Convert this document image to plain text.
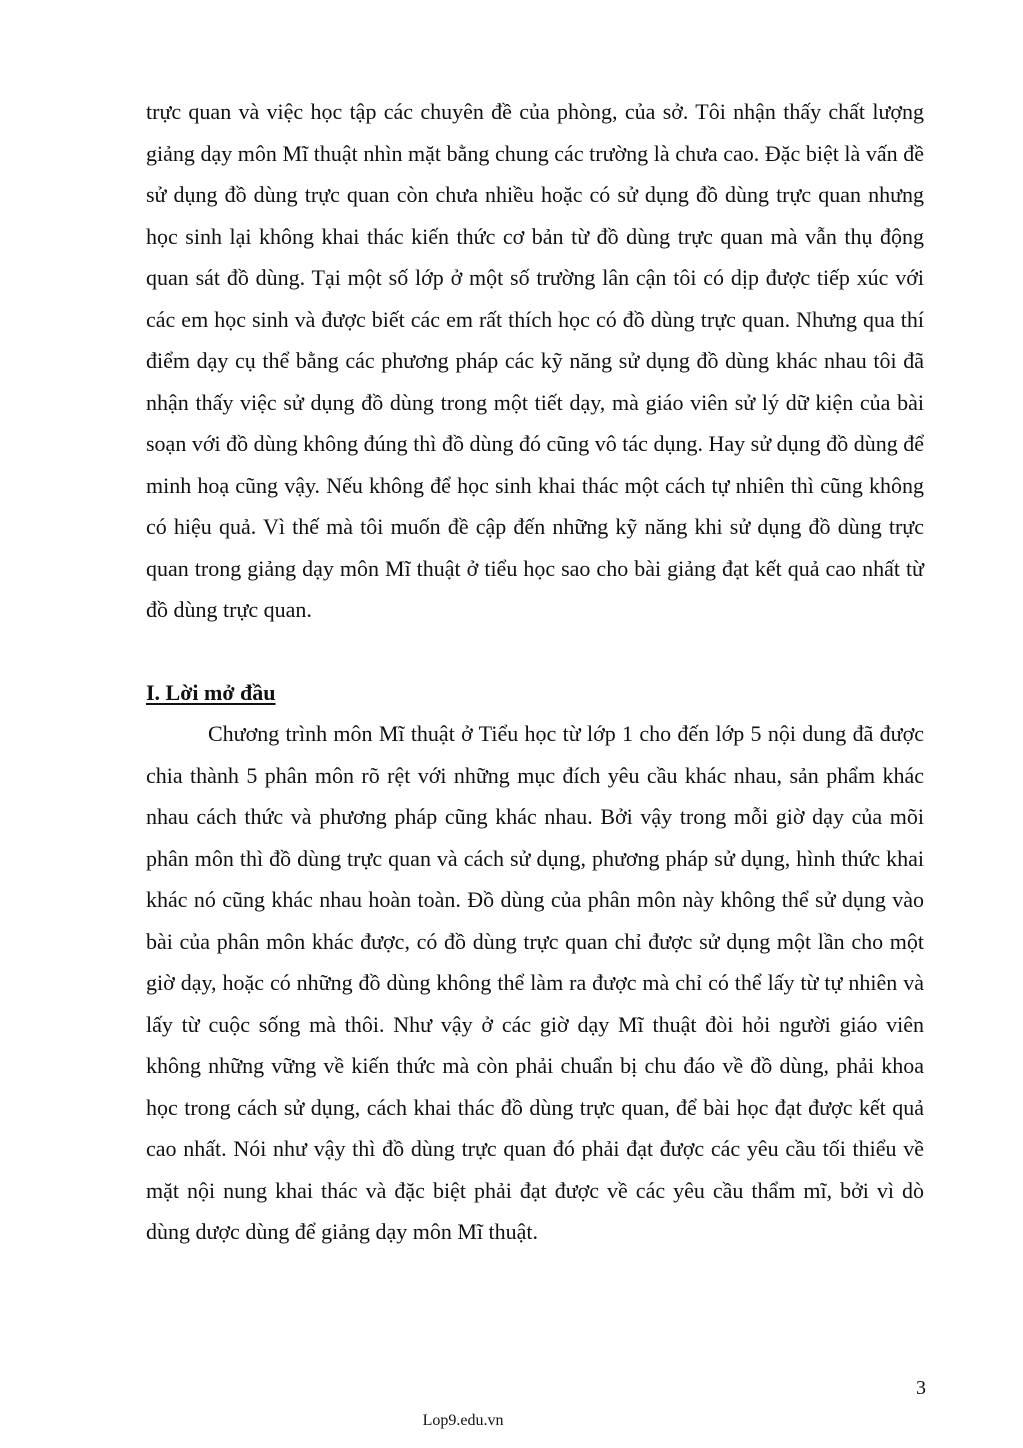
trực quan và việc học tập các chuyên đề của phòng, của sở. Tôi nhận thấy chất lượng giảng dạy môn Mĩ thuật nhìn mặt bằng chung các trường là chưa cao. Đặc biệt là vấn đề sử dụng đồ dùng trực quan còn chưa nhiều hoặc có sử dụng đồ dùng trực quan nhưng học sinh lại không khai thác kiến thức cơ bản từ đồ dùng trực quan mà vẫn thụ động quan sát đồ dùng. Tại một số lớp ở một số trường lân cận tôi có dịp được tiếp xúc với các em học sinh và được biết các em rất thích học có đồ dùng trực quan. Nhưng qua thí điểm dạy cụ thể bằng các phương pháp các kỹ năng sử dụng đồ dùng khác nhau tôi đã nhận thấy việc sử dụng đồ dùng trong một tiết dạy, mà giáo viên sử lý dữ kiện của bài soạn với đồ dùng không đúng thì đồ dùng đó cũng vô tác dụng. Hay sử dụng đồ dùng để minh hoạ cũng vậy. Nếu không để học sinh khai thác một cách tự nhiên thì cũng không có hiệu quả. Vì thế mà tôi muốn đề cập đến những kỹ năng khi sử dụng đồ dùng trực quan trong giảng dạy môn Mĩ thuật ở tiểu học sao cho bài giảng đạt kết quả cao nhất từ đồ dùng trực quan.

I. Lời mở đầu

Chương trình môn Mĩ thuật ở Tiểu học từ lớp 1 cho đến lớp 5 nội dung đã được chia thành 5 phân môn rõ rệt với những mục đích yêu cầu khác nhau, sản phẩm khác nhau cách thức và phương pháp cũng khác nhau. Bởi vậy trong mỗi giờ dạy của mõi phân môn thì đồ dùng trực quan và cách sử dụng, phương pháp sử dụng, hình thức khai khác nó cũng khác nhau hoàn toàn. Đồ dùng của phân môn này không thể sử dụng vào bài của phân môn khác được, có đồ dùng trực quan chỉ được sử dụng một lần cho một giờ dạy, hoặc có những đồ dùng không thể làm ra được mà chỉ có thể lấy từ tự nhiên và lấy từ cuộc sống mà thôi. Như vậy ở các giờ dạy Mĩ thuật đòi hỏi người giáo viên không những vững về kiến thức mà còn phải chuẩn bị chu đáo về đồ dùng, phải khoa học trong cách sử dụng, cách khai thác đồ dùng trực quan, để bài học đạt được kết quả cao nhất. Nói như vậy thì đồ dùng trực quan đó phải đạt được các yêu cầu tối thiểu về mặt nội nung khai thác và đặc biệt phải đạt được về các yêu cầu thẩm mĩ, bởi vì dò dùng dược dùng để giảng dạy môn Mĩ thuật.

3
Lop9.edu.vn
